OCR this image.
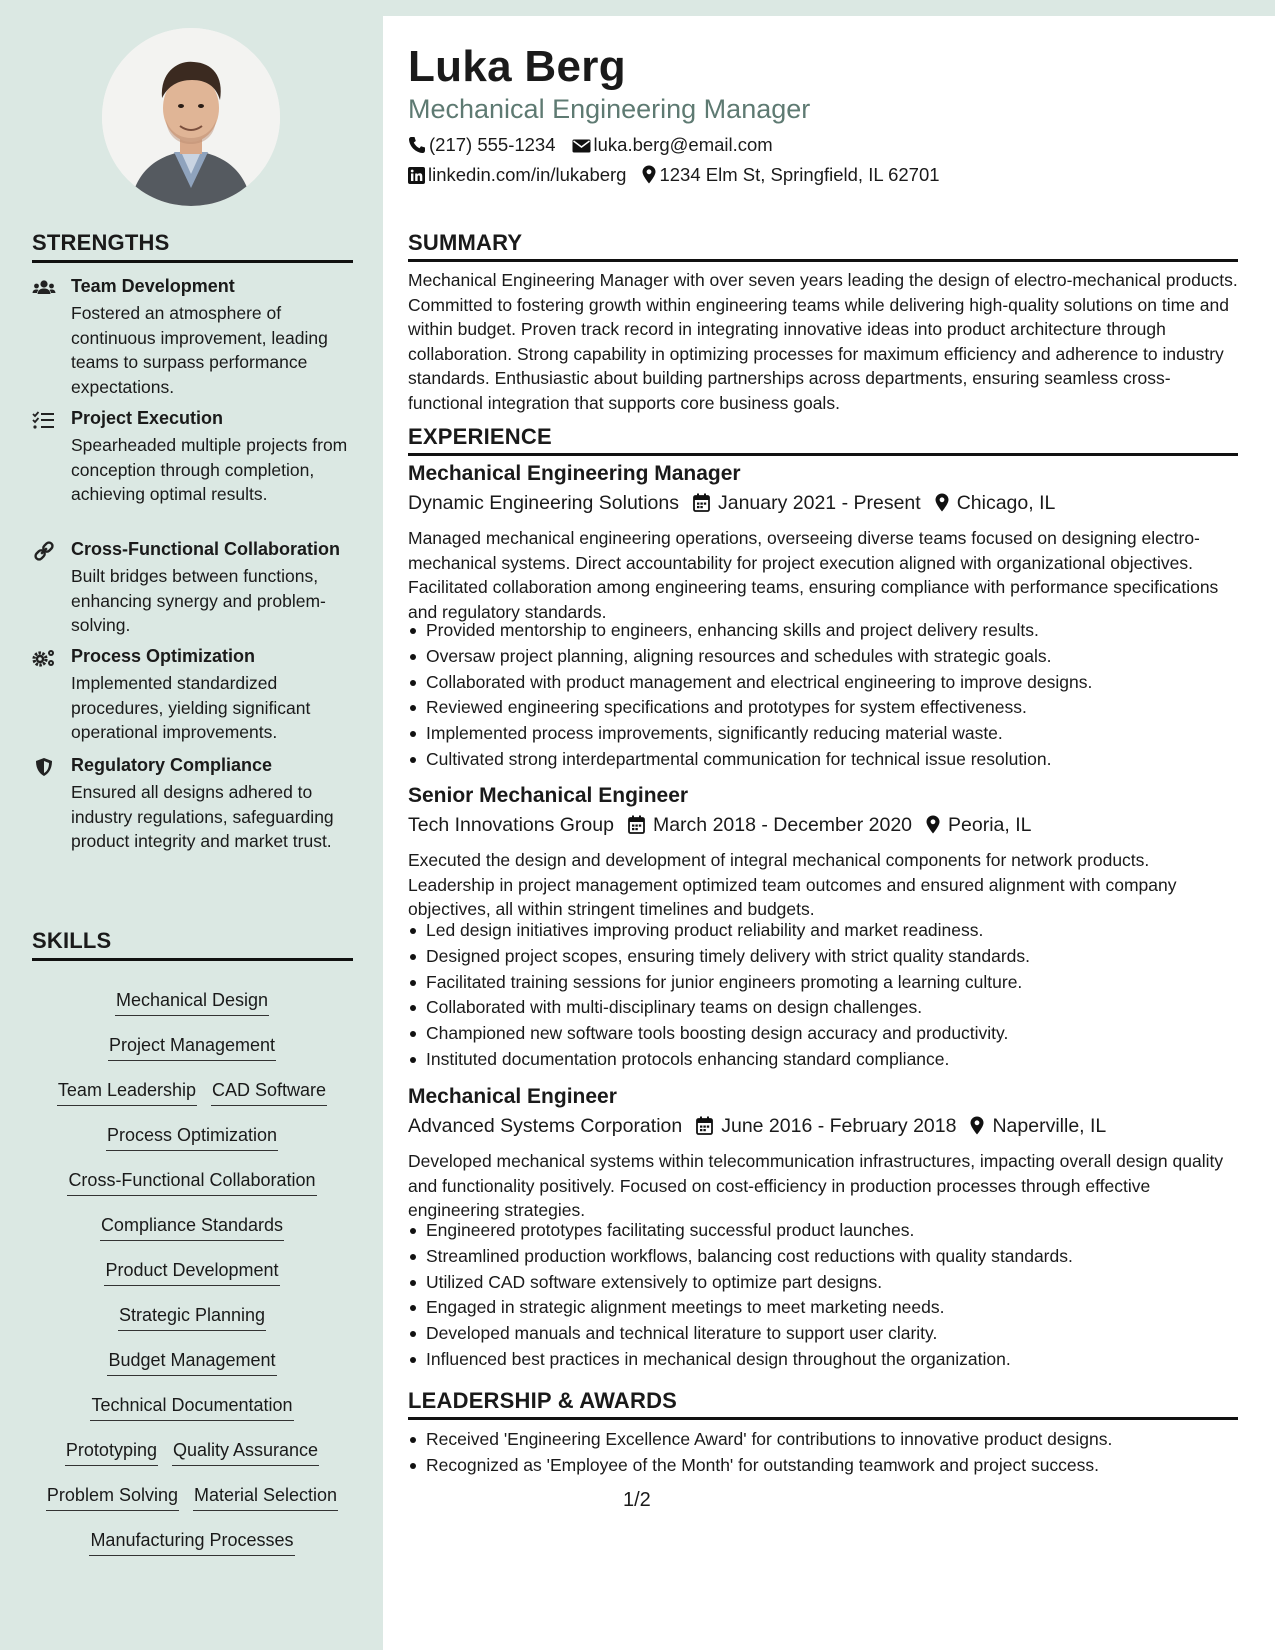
STRENGTHS
Team Development
Fostered an atmosphere of continuous improvement, leading teams to surpass performance expectations.
Project Execution
Spearheaded multiple projects from conception through completion, achieving optimal results.
Cross-Functional Collaboration
Built bridges between functions, enhancing synergy and problem-solving.
Process Optimization
Implemented standardized procedures, yielding significant operational improvements.
Regulatory Compliance
Ensured all designs adhered to industry regulations, safeguarding product integrity and market trust.
SKILLS
Mechanical Design
Project Management
Team Leadership CAD Software
Process Optimization
Cross-Functional Collaboration
Compliance Standards
Product Development
Strategic Planning
Budget Management
Technical Documentation
Prototyping Quality Assurance
Problem Solving Material Selection
Manufacturing Processes
Luka Berg
Mechanical Engineering Manager
(217) 555-1234 luka.berg@email.com
linkedin.com/in/lukaberg 1234 Elm St, Springfield, IL 62701
SUMMARY
Mechanical Engineering Manager with over seven years leading the design of electro-mechanical products. Committed to fostering growth within engineering teams while delivering high-quality solutions on time and within budget. Proven track record in integrating innovative ideas into product architecture through collaboration. Strong capability in optimizing processes for maximum efficiency and adherence to industry standards. Enthusiastic about building partnerships across departments, ensuring seamless cross-functional integration that supports core business goals.
EXPERIENCE
Mechanical Engineering Manager
Dynamic Engineering Solutions January 2021 - Present Chicago, IL
Managed mechanical engineering operations, overseeing diverse teams focused on designing electro-mechanical systems. Direct accountability for project execution aligned with organizational objectives. Facilitated collaboration among engineering teams, ensuring compliance with performance specifications and regulatory standards.
Provided mentorship to engineers, enhancing skills and project delivery results.
Oversaw project planning, aligning resources and schedules with strategic goals.
Collaborated with product management and electrical engineering to improve designs.
Reviewed engineering specifications and prototypes for system effectiveness.
Implemented process improvements, significantly reducing material waste.
Cultivated strong interdepartmental communication for technical issue resolution.
Senior Mechanical Engineer
Tech Innovations Group March 2018 - December 2020 Peoria, IL
Executed the design and development of integral mechanical components for network products. Leadership in project management optimized team outcomes and ensured alignment with company objectives, all within stringent timelines and budgets.
Led design initiatives improving product reliability and market readiness.
Designed project scopes, ensuring timely delivery with strict quality standards.
Facilitated training sessions for junior engineers promoting a learning culture.
Collaborated with multi-disciplinary teams on design challenges.
Championed new software tools boosting design accuracy and productivity.
Instituted documentation protocols enhancing standard compliance.
Mechanical Engineer
Advanced Systems Corporation June 2016 - February 2018 Naperville, IL
Developed mechanical systems within telecommunication infrastructures, impacting overall design quality and functionality positively. Focused on cost-efficiency in production processes through effective engineering strategies.
Engineered prototypes facilitating successful product launches.
Streamlined production workflows, balancing cost reductions with quality standards.
Utilized CAD software extensively to optimize part designs.
Engaged in strategic alignment meetings to meet marketing needs.
Developed manuals and technical literature to support user clarity.
Influenced best practices in mechanical design throughout the organization.
LEADERSHIP & AWARDS
Received 'Engineering Excellence Award' for contributions to innovative product designs.
Recognized as 'Employee of the Month' for outstanding teamwork and project success.
1/2
